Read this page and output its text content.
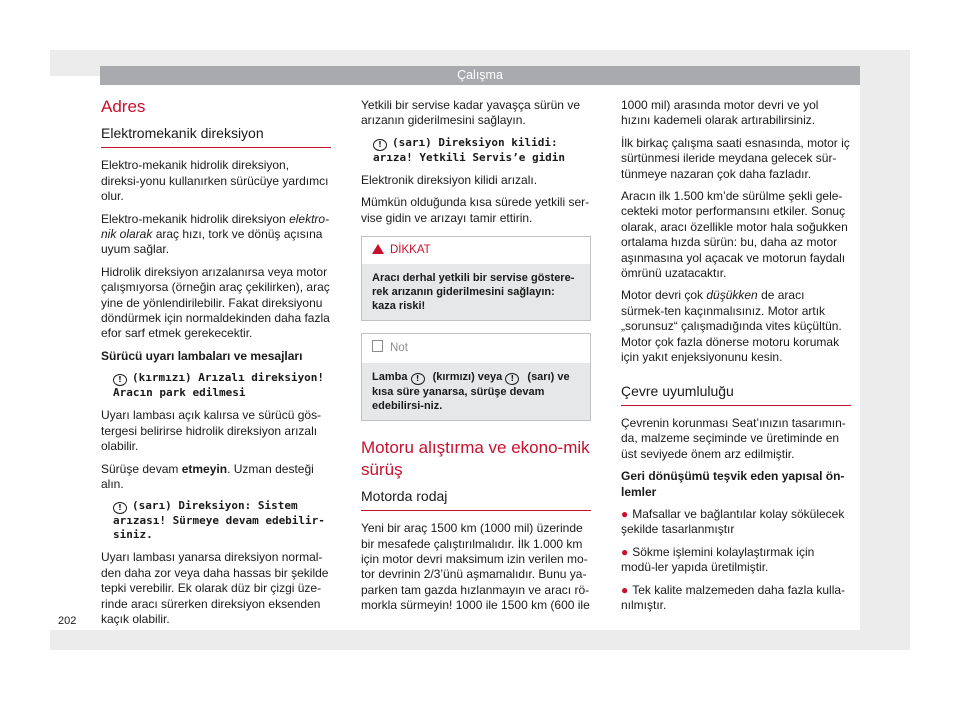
Çalışma
Adres
Elektromekanik direksiyon

Elektro-mekanik hidrolik direksiyon, direksi-yonu kullanırken sürücüye yardımcı olur.

Elektro-mekanik hidrolik direksiyon elektro-nik olarak araç hızı, tork ve dönüş açısına uyum sağlar.

Hidrolik direksiyon arızalanırsa veya motor çalışmıyorsa (örneğin araç çekilirken), araç yine de yönlendirilebilir. Fakat direksiyonu döndürmek için normaldekinden daha fazla efor sarf etmek gerekecektir.

Sürücü uyarı lambaları ve mesajları

! (kırmızı) Arızalı direksiyon! Aracın park edilmesi

Uyarı lambası açık kalırsa ve sürücü gös-tergesi belirirse hidrolik direksiyon arızalı olabilir.

Sürüşe devam etmeyin. Uzman desteği alın.

! (sarı) Direksiyon: Sistem arızası! Sürmeye devam edebilir-siniz.

Uyarı lambası yanarsa direksiyon normal-den daha zor veya daha hassas bir şekilde tepki verebilir. Ek olarak düz bir çizgi üze-rinde aracı sürerken direksiyon eksenden kaçık olabilir.

Yetkili bir servise kadar yavaşça sürün ve arızanın giderilmesini sağlayın.

! (sarı) Direksiyon kilidi: arıza! Yetkili Servis’e gidin

Elektronik direksiyon kilidi arızalı.

Mümkün olduğunda kısa sürede yetkili ser-vise gidin ve arızayı tamir ettirin.

DİKKAT
Aracı derhal yetkili bir servise göstere-rek arızanın giderilmesini sağlayın: kaza riski!
Not
Lamba ! (kırmızı) veya ! (sarı) ve kısa süre yanarsa, sürüşe devam edebilirsi-niz.
Motoru alıştırma ve ekono-mik sürüş
Motorda rodaj

Yeni bir araç 1500 km (1000 mil) üzerinde bir mesafede çalıştırılmalıdır. İlk 1.000 km için motor devri maksimum izin verilen mo-tor devrinin 2/3’ünü aşmamalıdır. Bunu ya-parken tam gazda hızlanmayın ve aracı rö-morkla sürmeyin! 1000 ile 1500 km (600 ile

1000 mil) arasında motor devri ve yol hızını kademeli olarak artırabilirsiniz.

İlk birkaç çalışma saati esnasında, motor iç sürtünmesi ileride meydana gelecek sür-tünmeye nazaran çok daha fazladır.

Aracın ilk 1.500 km’de sürülme şekli gele-cekteki motor performansını etkiler. Sonuç olarak, aracı özellikle motor hala soğukken ortalama hızda sürün: bu, daha az motor aşınmasına yol açacak ve motorun faydalı ömrünü uzatacaktır.

Motor devri çok düşükken de aracı sürmek-ten kaçınmalısınız. Motor artık „sorunsuz“ çalışmadığında vites küçültün. Motor çok fazla dönerse motoru korumak için yakıt enjeksiyonunu kesin.

Çevre uyumluluğu

Çevrenin korunması Seat’ınızın tasarımın-da, malzeme seçiminde ve üretiminde en üst seviyede önem arz edilmiştir.

Geri dönüşümü teşvik eden yapısal ön-lemler

● Mafsallar ve bağlantılar kolay sökülecek şekilde tasarlanmıştır

● Sökme işlemini kolaylaştırmak için modü-ler yapıda üretilmiştir.

● Tek kalite malzemeden daha fazla kulla-nılmıştır.

202
